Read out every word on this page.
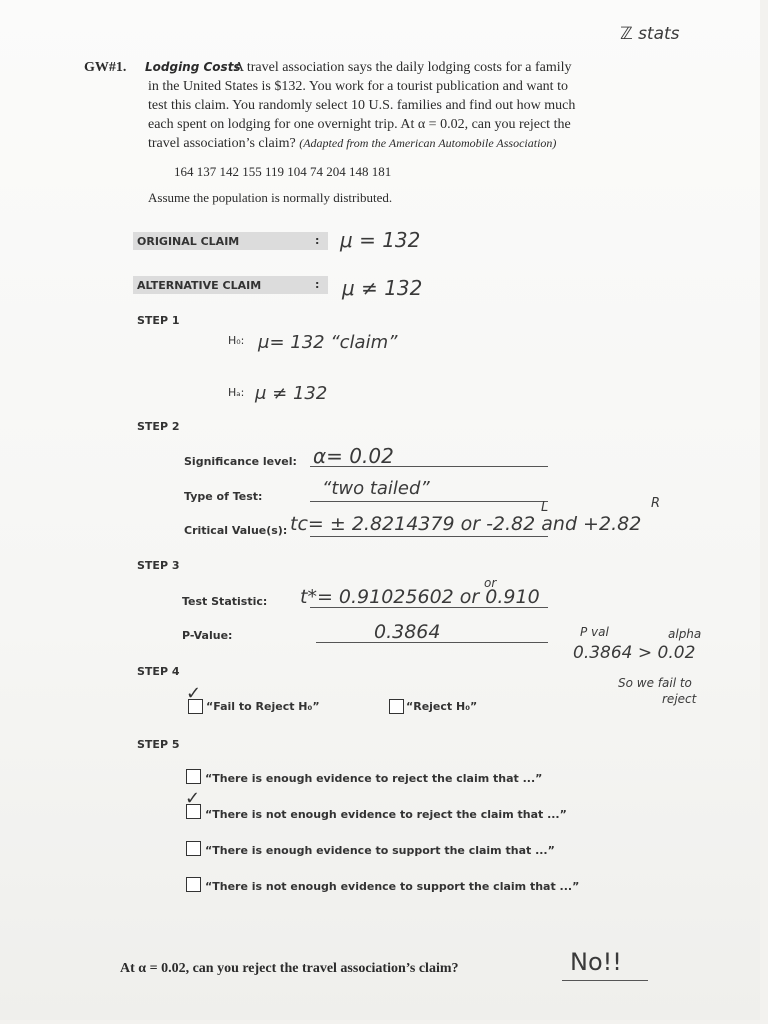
ℤ stats
GW#1. Lodging Costs
A travel association says the daily lodging costs for a family
in the United States is $132. You work for a tourist publication and want to
test this claim. You randomly select 10 U.S. families and find out how much
each spent on lodging for one overnight trip. At α = 0.02, can you reject the
travel association’s claim? (Adapted from the American Automobile Association)
164 137 142 155 119 104 74 204 148 181
Assume the population is normally distributed.
ORIGINAL CLAIM	: μ = 132
ALTERNATIVE CLAIM	: μ ≠ 132
STEP 1
H₀: μ= 132 “claim”
Hₐ: μ ≠ 132
STEP 2
Significance level: α= 0.02
Type of Test:	“two tailed”
L	R
Critical Value(s): tc= ± 2.8214379 or -2.82 and +2.82
STEP 3
or
Test Statistic: t*= 0.91025602 or 0.910
P-Value:	0.3864	P val	alpha
0.3864 > 0.02
So we fail to
reject
STEP 4
✓
“Fail to Reject H₀”	“Reject H₀”
STEP 5
“There is enough evidence to reject the claim that ...”
✓
“There is not enough evidence to reject the claim that ...”
“There is enough evidence to support the claim that ...”
“There is not enough evidence to support the claim that ...”
At α = 0.02, can you reject the travel association’s claim?	No!!
